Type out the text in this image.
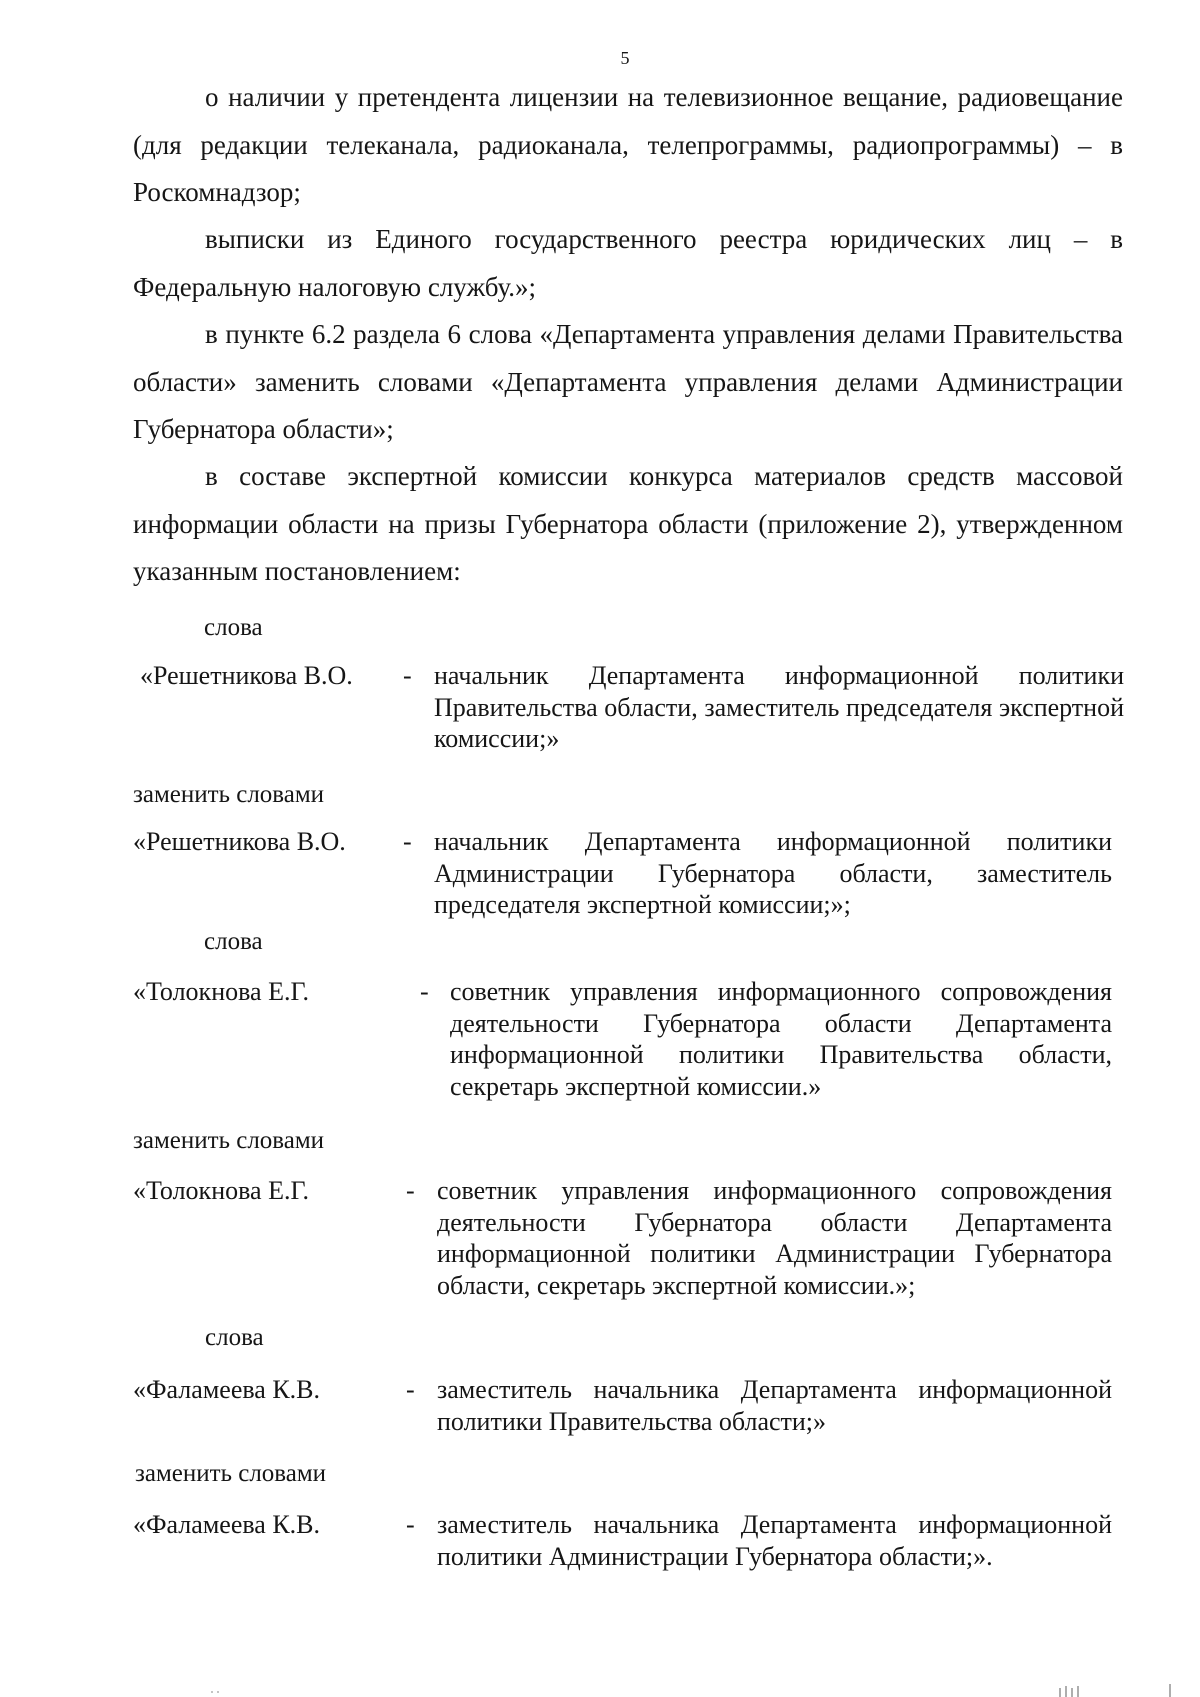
5
о наличии у претендента лицензии на телевизионное вещание, радиовещание (для редакции телеканала, радиоканала, телепрограммы, радиопрограммы) – в Роскомнадзор;
выписки из Единого государственного реестра юридических лиц – в Федеральную налоговую службу.»;
в пункте 6.2 раздела 6 слова «Департамента управления делами Правительства области» заменить словами «Департамента управления делами Администрации Губернатора области»;
в составе экспертной комиссии конкурса материалов средств массовой информации области на призы Губернатора области (приложение 2), утвержденном указанным постановлением:
слова
«Решетникова В.О. - начальник Департамента информационной политики Правительства области, заместитель председателя экспертной комиссии;»
заменить словами
«Решетникова В.О. - начальник Департамента информационной политики Администрации Губернатора области, заместитель председателя экспертной комиссии;»;
слова
«Толокнова Е.Г.	- советник управления информационного сопровождения деятельности Губернатора области Департамента информационной политики Правительства области, секретарь экспертной комиссии.»
заменить словами
«Толокнова Е.Г.	- советник управления информационного сопровождения деятельности Губернатора области Департамента информационной политики Администрации Губернатора области, секретарь экспертной комиссии.»;
слова
«Фаламеева К.В.	- заместитель начальника Департамента информационной политики Правительства области;»
заменить словами
«Фаламеева К.В.	- заместитель начальника Департамента информационной политики Администрации Губернатора области;».
